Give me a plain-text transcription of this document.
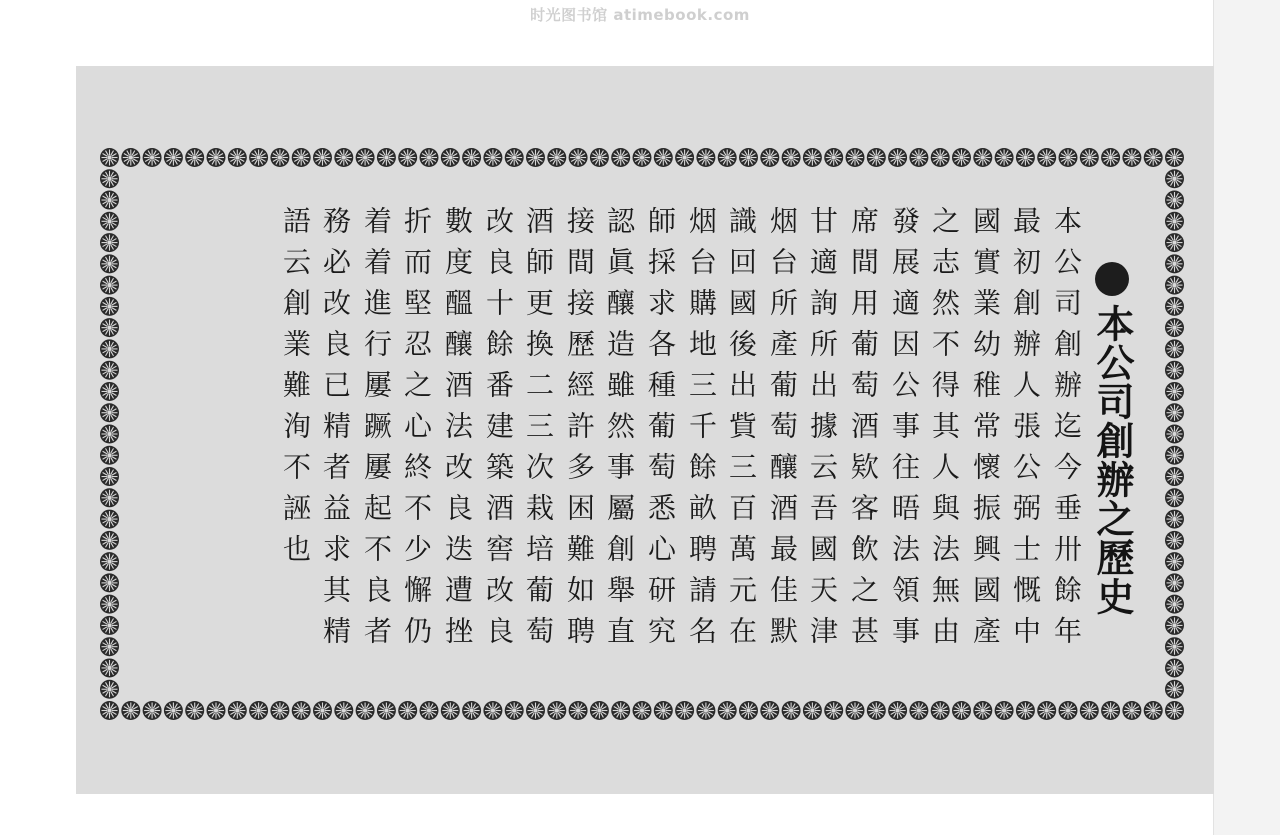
时光图书馆 atimebook.com
本公司創辦之歷史
本公司創辦迄今垂卅餘年
最初創辦人張公弼士慨中
國實業幼稚常懷振興國產
之志然不得其人與法無由
發展適因公事往晤法領事
席間用葡萄酒欵客飲之甚
甘適詢所出據云吾國天津
烟台所產葡萄釀酒最佳默
識回國後出貲三百萬元在
烟台購地三千餘畝聘請名
師採求各種葡萄悉心研究
認眞釀造雖然事屬創舉直
接間接歷經許多困難如聘
酒師更換二三次栽培葡萄
改良十餘番建築酒窖改良
數度醞釀酒法改良迭遭挫
折而堅忍之心終不少懈仍
着着進行屢蹶屢起不良者
務必改良已精者益求其精
語云創業難洵不誣也
